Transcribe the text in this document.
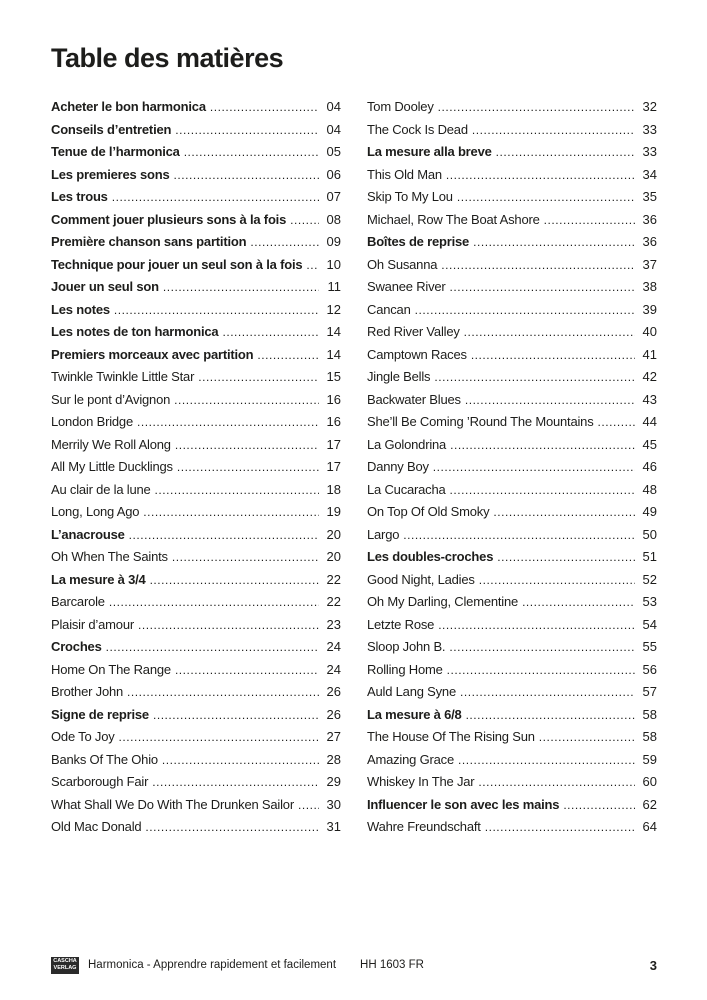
Table des matières
Acheter le bon harmonica . . .	04
Conseils d’entretien . . .	04
Tenue de l’harmonica . . .	05
Les premieres sons . . .	06
Les trous . . .	07
Comment jouer plusieurs sons à la fois . . .	08
Première chanson sans partition . . .	09
Technique pour jouer un seul son à la fois . . . 10
Jouer un seul son . . .	11
Les notes . . .	12
Les notes de ton harmonica . . .	14
Premiers morceaux avec partition . . .	14
Twinkle Twinkle Little Star . . .	15
Sur le pont d’Avignon . . .	16
London Bridge . . .	16
Merrily We Roll Along . . .	17
All My Little Ducklings . . .	17
Au clair de la lune . . .	18
Long, Long Ago . . .	19
L’anacrouse . . .	20
Oh When The Saints . . .	20
La mesure à 3/4 . . .	22
Barcarole . . .	22
Plaisir d’amour . . .	23
Croches . . .	24
Home On The Range . . .	24
Brother John . . .	26
Signe de reprise . . .	26
Ode To Joy . . .	27
Banks Of The Ohio . . .	28
Scarborough Fair . . .	29
What Shall We Do With The Drunken Sailor . . .	30
Old Mac Donald . . .	31
Tom Dooley . . .	32
The Cock Is Dead . . .	33
La mesure alla breve . . .	33
This Old Man . . .	34
Skip To My Lou . . .	35
Michael, Row The Boat Ashore . . .	36
Boîtes de reprise . . .	36
Oh Susanna . . .	37
Swanee River . . .	38
Cancan . . .	39
Red River Valley . . .	40
Camptown Races . . .	41
Jingle Bells . . .	42
Backwater Blues . . .	43
She’ll Be Coming ’Round The Mountains . . .	44
La Golondrina . . .	45
Danny Boy . . .	46
La Cucaracha . . .	48
On Top Of Old Smoky . . .	49
Largo . . .	50
Les doubles-croches . . .	51
Good Night, Ladies . . .	52
Oh My Darling, Clementine . . .	53
Letzte Rose . . .	54
Sloop John B. . . .	55
Rolling Home . . .	56
Auld Lang Syne . . .	57
La mesure à 6/8 . . .	58
The House Of The Rising Sun . . .	58
Amazing Grace . . .	59
Whiskey In The Jar . . .	60
Influencer le son avec les mains . . .	62
Wahre Freundschaft . . .	64
CASCHA
VERLAG Harmonica - Apprendre rapidement et facilement HH 1603 FR	3
